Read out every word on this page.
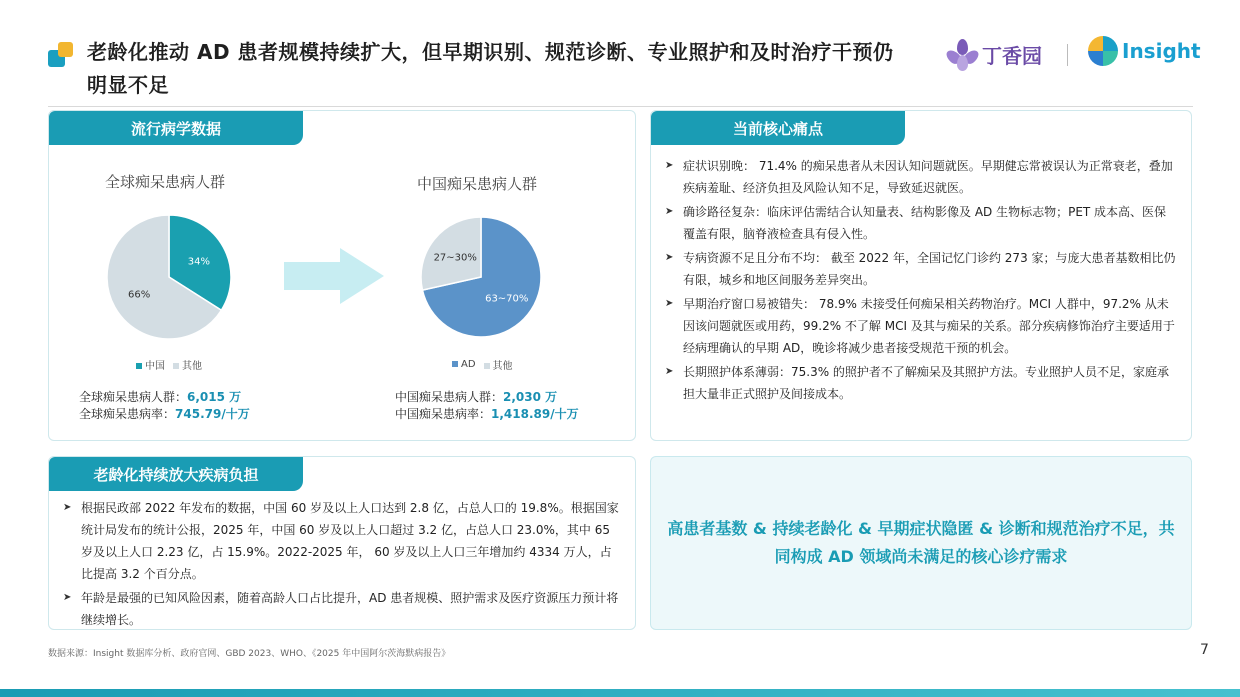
老龄化推动 AD 患者规模持续扩大，但早期识别、规范诊断、专业照护和及时治疗干预仍明显不足
丁香园	Insight
流行病学数据
全球痴呆患病人群
34%
66%
中国	其他
全球痴呆患病人群：6,015 万
全球痴呆患病率：745.79/十万
中国痴呆患病人群
63~70%
27~30%
AD	其他
中国痴呆患病人群：2,030 万
中国痴呆患病率：1,418.89/十万
当前核心痛点
➤ 症状识别晚： 71.4% 的痴呆患者从未因认知问题就医。早期健忘常被误认为正常衰老，叠加疾病羞耻、经济负担及风险认知不足，导致延迟就医。
➤ 确诊路径复杂：临床评估需结合认知量表、结构影像及 AD 生物标志物；PET 成本高、医保覆盖有限，脑脊液检查具有侵入性。
➤ 专病资源不足且分布不均： 截至 2022 年，全国记忆门诊约 273 家；与庞大患者基数相比仍有限，城乡和地区间服务差异突出。
➤ 早期治疗窗口易被错失： 78.9% 未接受任何痴呆相关药物治疗。MCI 人群中，97.2% 从未因该问题就医或用药，99.2% 不了解 MCI 及其与痴呆的关系。部分疾病修饰治疗主要适用于经病理确认的早期 AD，晚诊将减少患者接受规范干预的机会。
➤ 长期照护体系薄弱：75.3% 的照护者不了解痴呆及其照护方法。专业照护人员不足，家庭承担大量非正式照护及间接成本。
老龄化持续放大疾病负担
➤ 根据民政部 2022 年发布的数据，中国 60 岁及以上人口达到 2.8 亿，占总人口的 19.8%。根据国家统计局发布的统计公报，2025 年，中国 60 岁及以上人口超过 3.2 亿，占总人口 23.0%，其中 65 岁及以上人口 2.23 亿，占 15.9%。2022-2025 年， 60 岁及以上人口三年增加约 4334 万人，占比提高 3.2 个百分点。
➤ 年龄是最强的已知风险因素，随着高龄人口占比提升，AD 患者规模、照护需求及医疗资源压力预计将继续增长。
高患者基数 & 持续老龄化 & 早期症状隐匿 & 诊断和规范治疗不足，共同构成 AD 领域尚未满足的核心诊疗需求
数据来源：Insight 数据库分析、政府官网、GBD 2023、WHO、《2025 年中国阿尔茨海默病报告》	7
